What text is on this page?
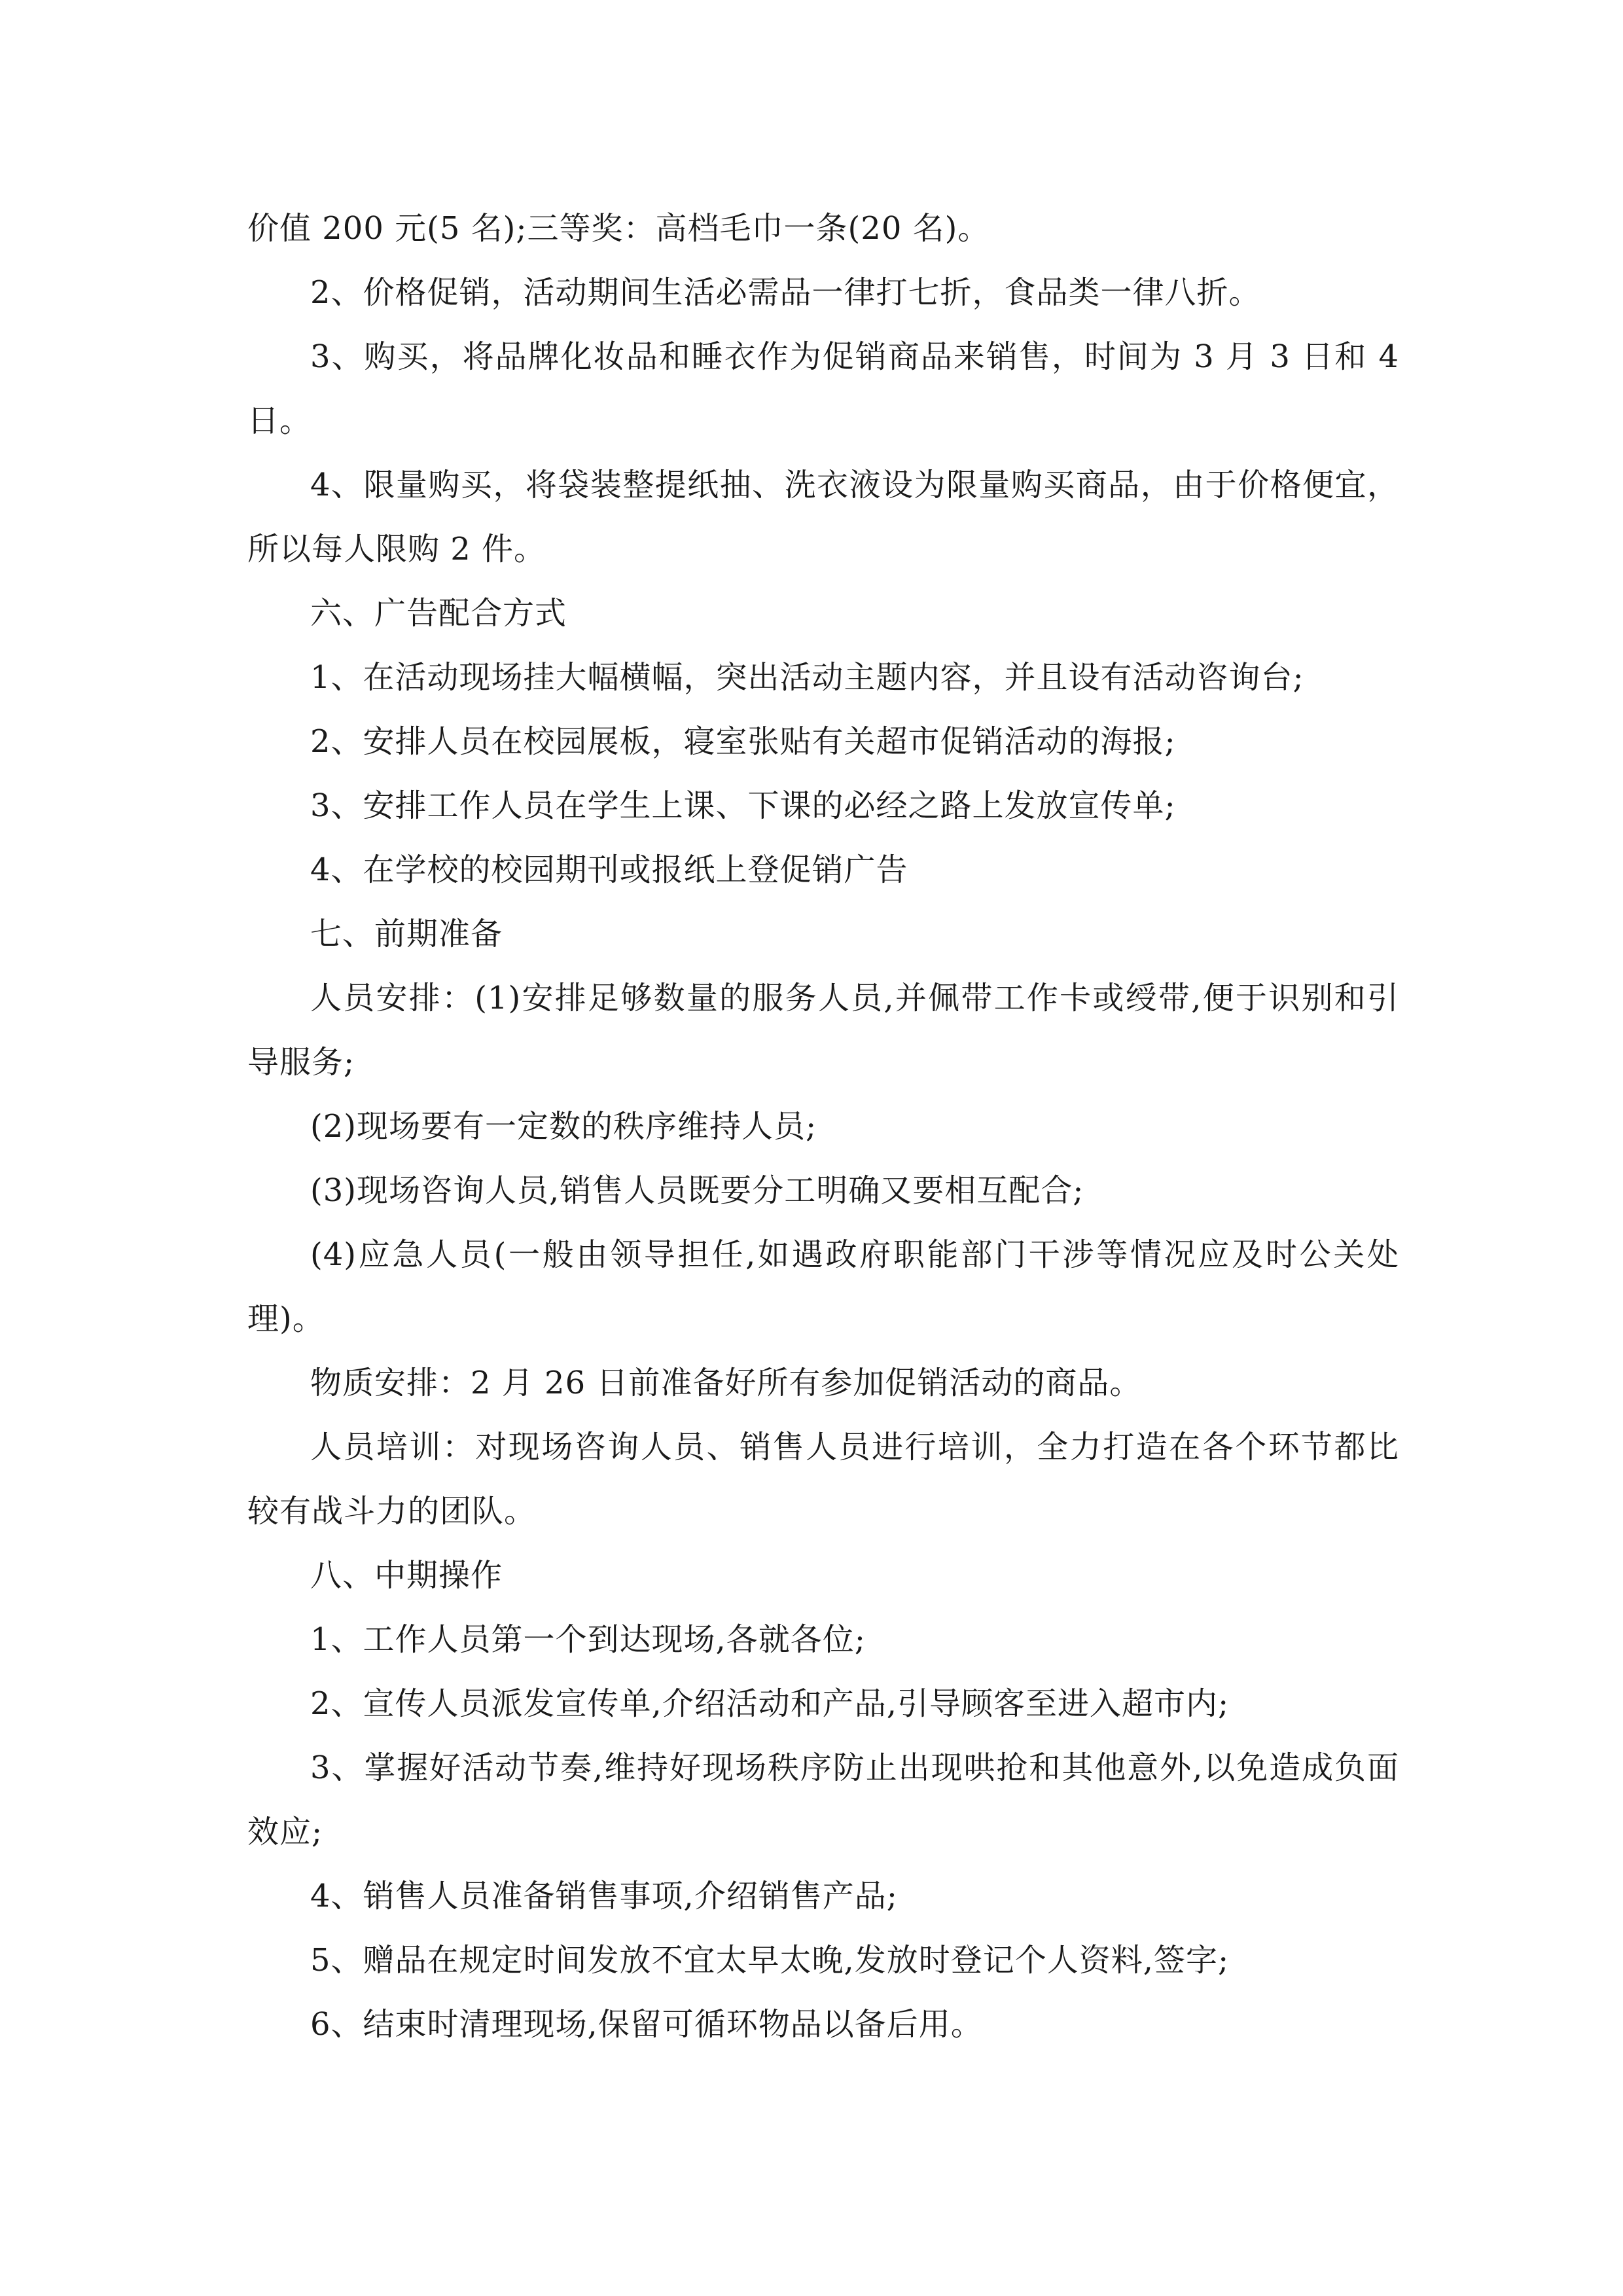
价值 200 元(5 名);三等奖：高档毛巾一条(20 名)。

2、价格促销，活动期间生活必需品一律打七折，食品类一律八折。

3、购买，将品牌化妆品和睡衣作为促销商品来销售，时间为 3 月 3 日和 4 日。

4、限量购买，将袋装整提纸抽、洗衣液设为限量购买商品，由于价格便宜，所以每人限购 2 件。

六、广告配合方式

1、在活动现场挂大幅横幅，突出活动主题内容，并且设有活动咨询台;

2、安排人员在校园展板，寝室张贴有关超市促销活动的海报;

3、安排工作人员在学生上课、下课的必经之路上发放宣传单;

4、在学校的校园期刊或报纸上登促销广告

七、前期准备

人员安排：(1)安排足够数量的服务人员,并佩带工作卡或绶带,便于识别和引导服务;

(2)现场要有一定数的秩序维持人员;

(3)现场咨询人员,销售人员既要分工明确又要相互配合;

(4)应急人员(一般由领导担任,如遇政府职能部门干涉等情况应及时公关处理)。

物质安排：2 月 26 日前准备好所有参加促销活动的商品。

人员培训：对现场咨询人员、销售人员进行培训，全力打造在各个环节都比较有战斗力的团队。

八、中期操作

1、工作人员第一个到达现场,各就各位;

2、宣传人员派发宣传单,介绍活动和产品,引导顾客至进入超市内;

3、掌握好活动节奏,维持好现场秩序防止出现哄抢和其他意外,以免造成负面效应;

4、销售人员准备销售事项,介绍销售产品;

5、赠品在规定时间发放不宜太早太晚,发放时登记个人资料,签字;

6、结束时清理现场,保留可循环物品以备后用。
